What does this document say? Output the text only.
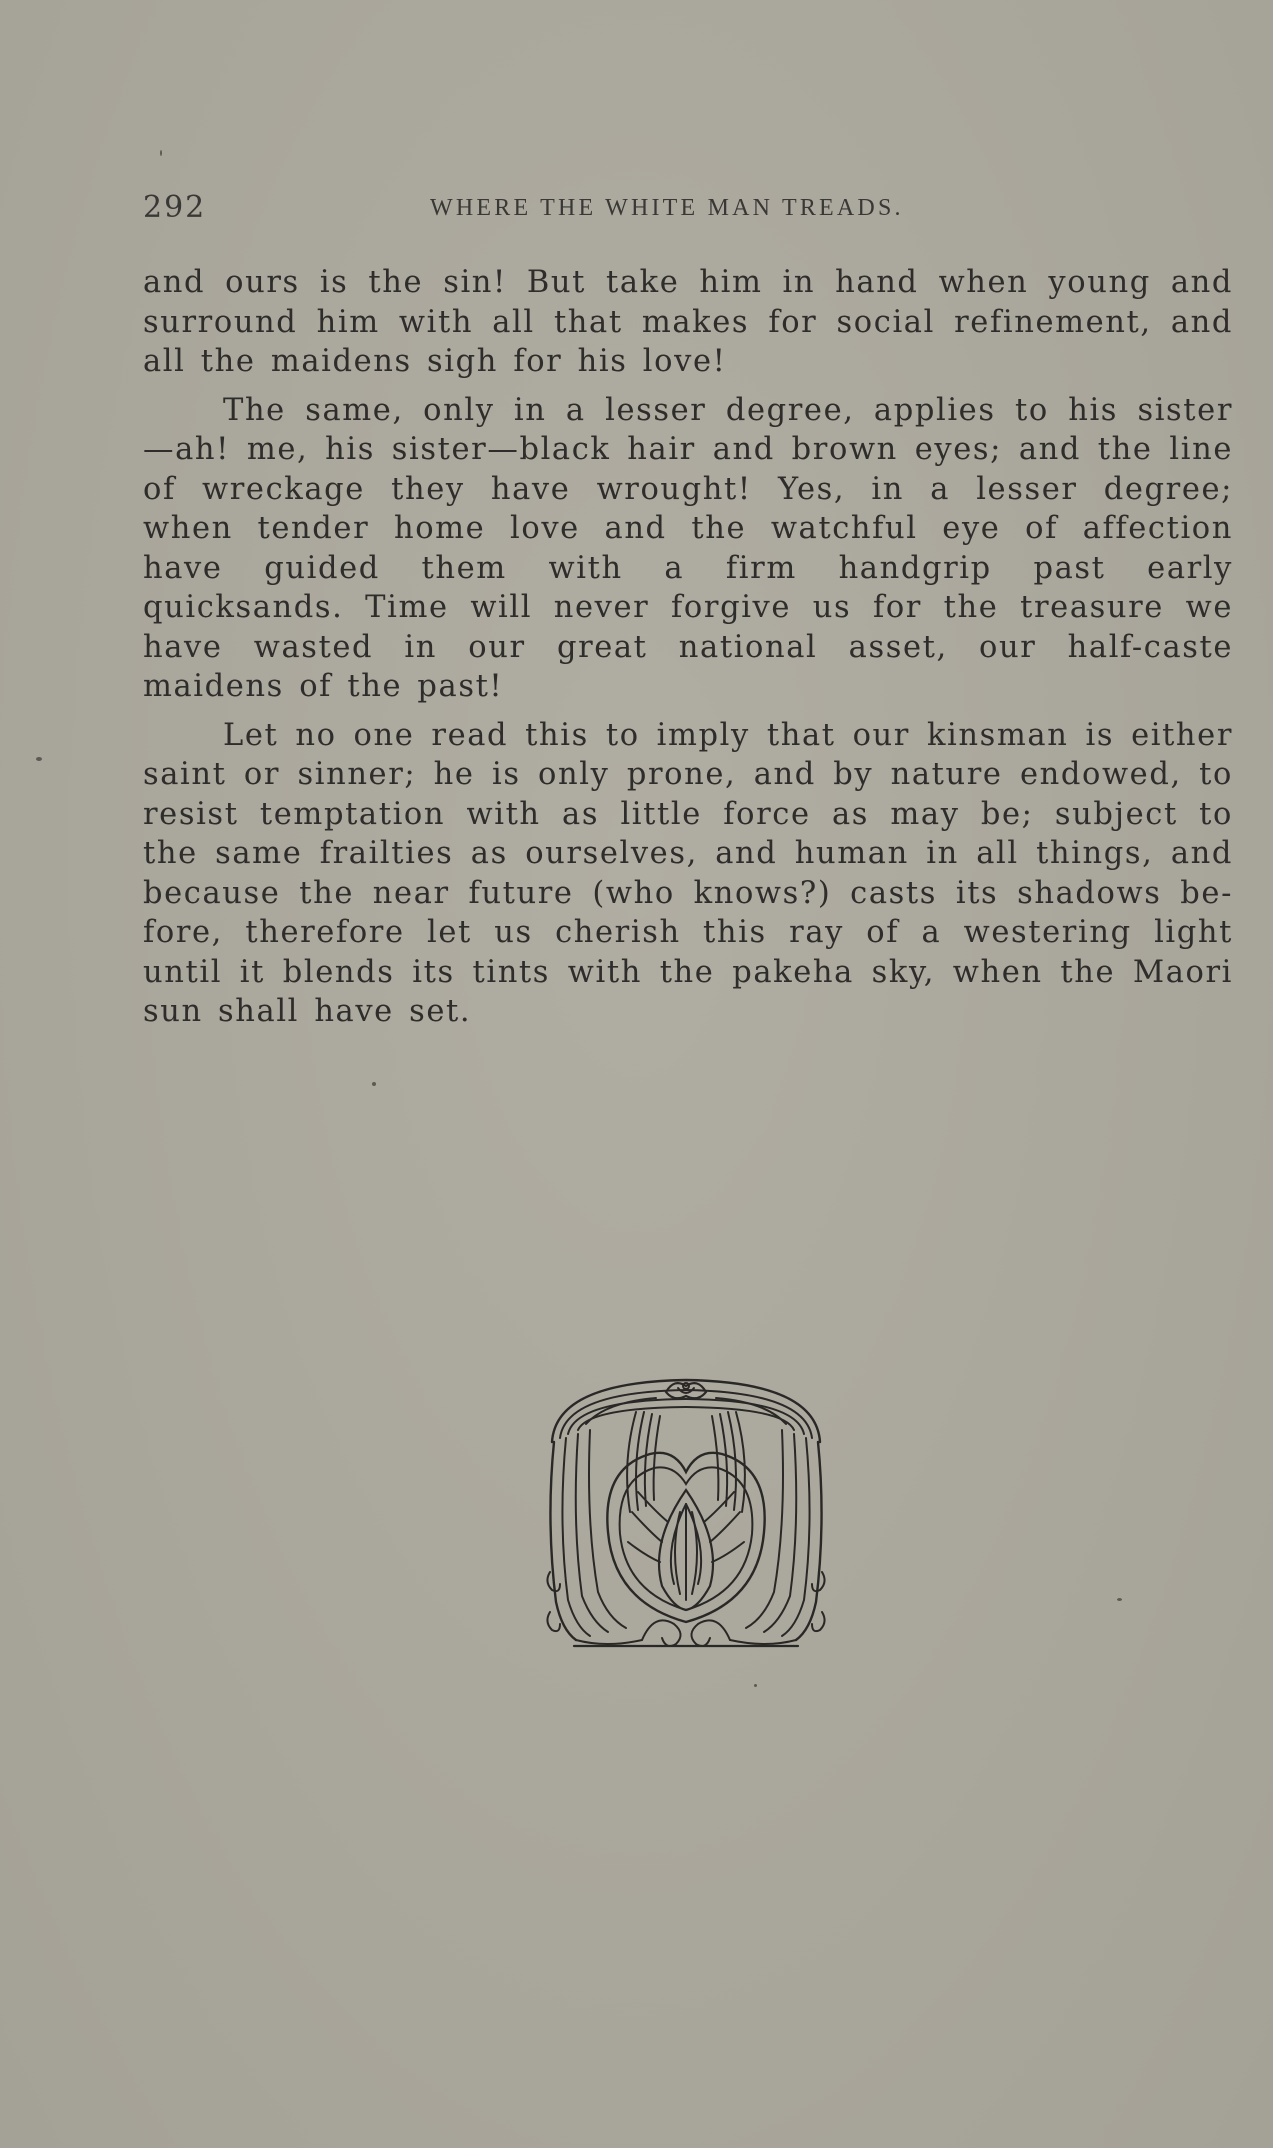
292	WHERE THE WHITE MAN TREADS.

and ours is the sin! But take him in hand when young and surround him with all that makes for social refinement, and all the maidens sigh for his love!

The same, only in a lesser degree, applies to his sister —ah! me, his sister—black hair and brown eyes; and the line of wreckage they have wrought! Yes, in a lesser degree; when tender home love and the watchful eye of affection have guided them with a firm handgrip past early quicksands. Time will never forgive us for the treasure we have wasted in our great national asset, our half-caste maidens of the past!

Let no one read this to imply that our kinsman is either saint or sinner; he is only prone, and by nature endowed, to resist temptation with as little force as may be; subject to the same frailties as ourselves, and human in all things, and because the near future (who knows?) casts its shadows be- fore, therefore let us cherish this ray of a westering light until it blends its tints with the pakeha sky, when the Maori sun shall have set.
